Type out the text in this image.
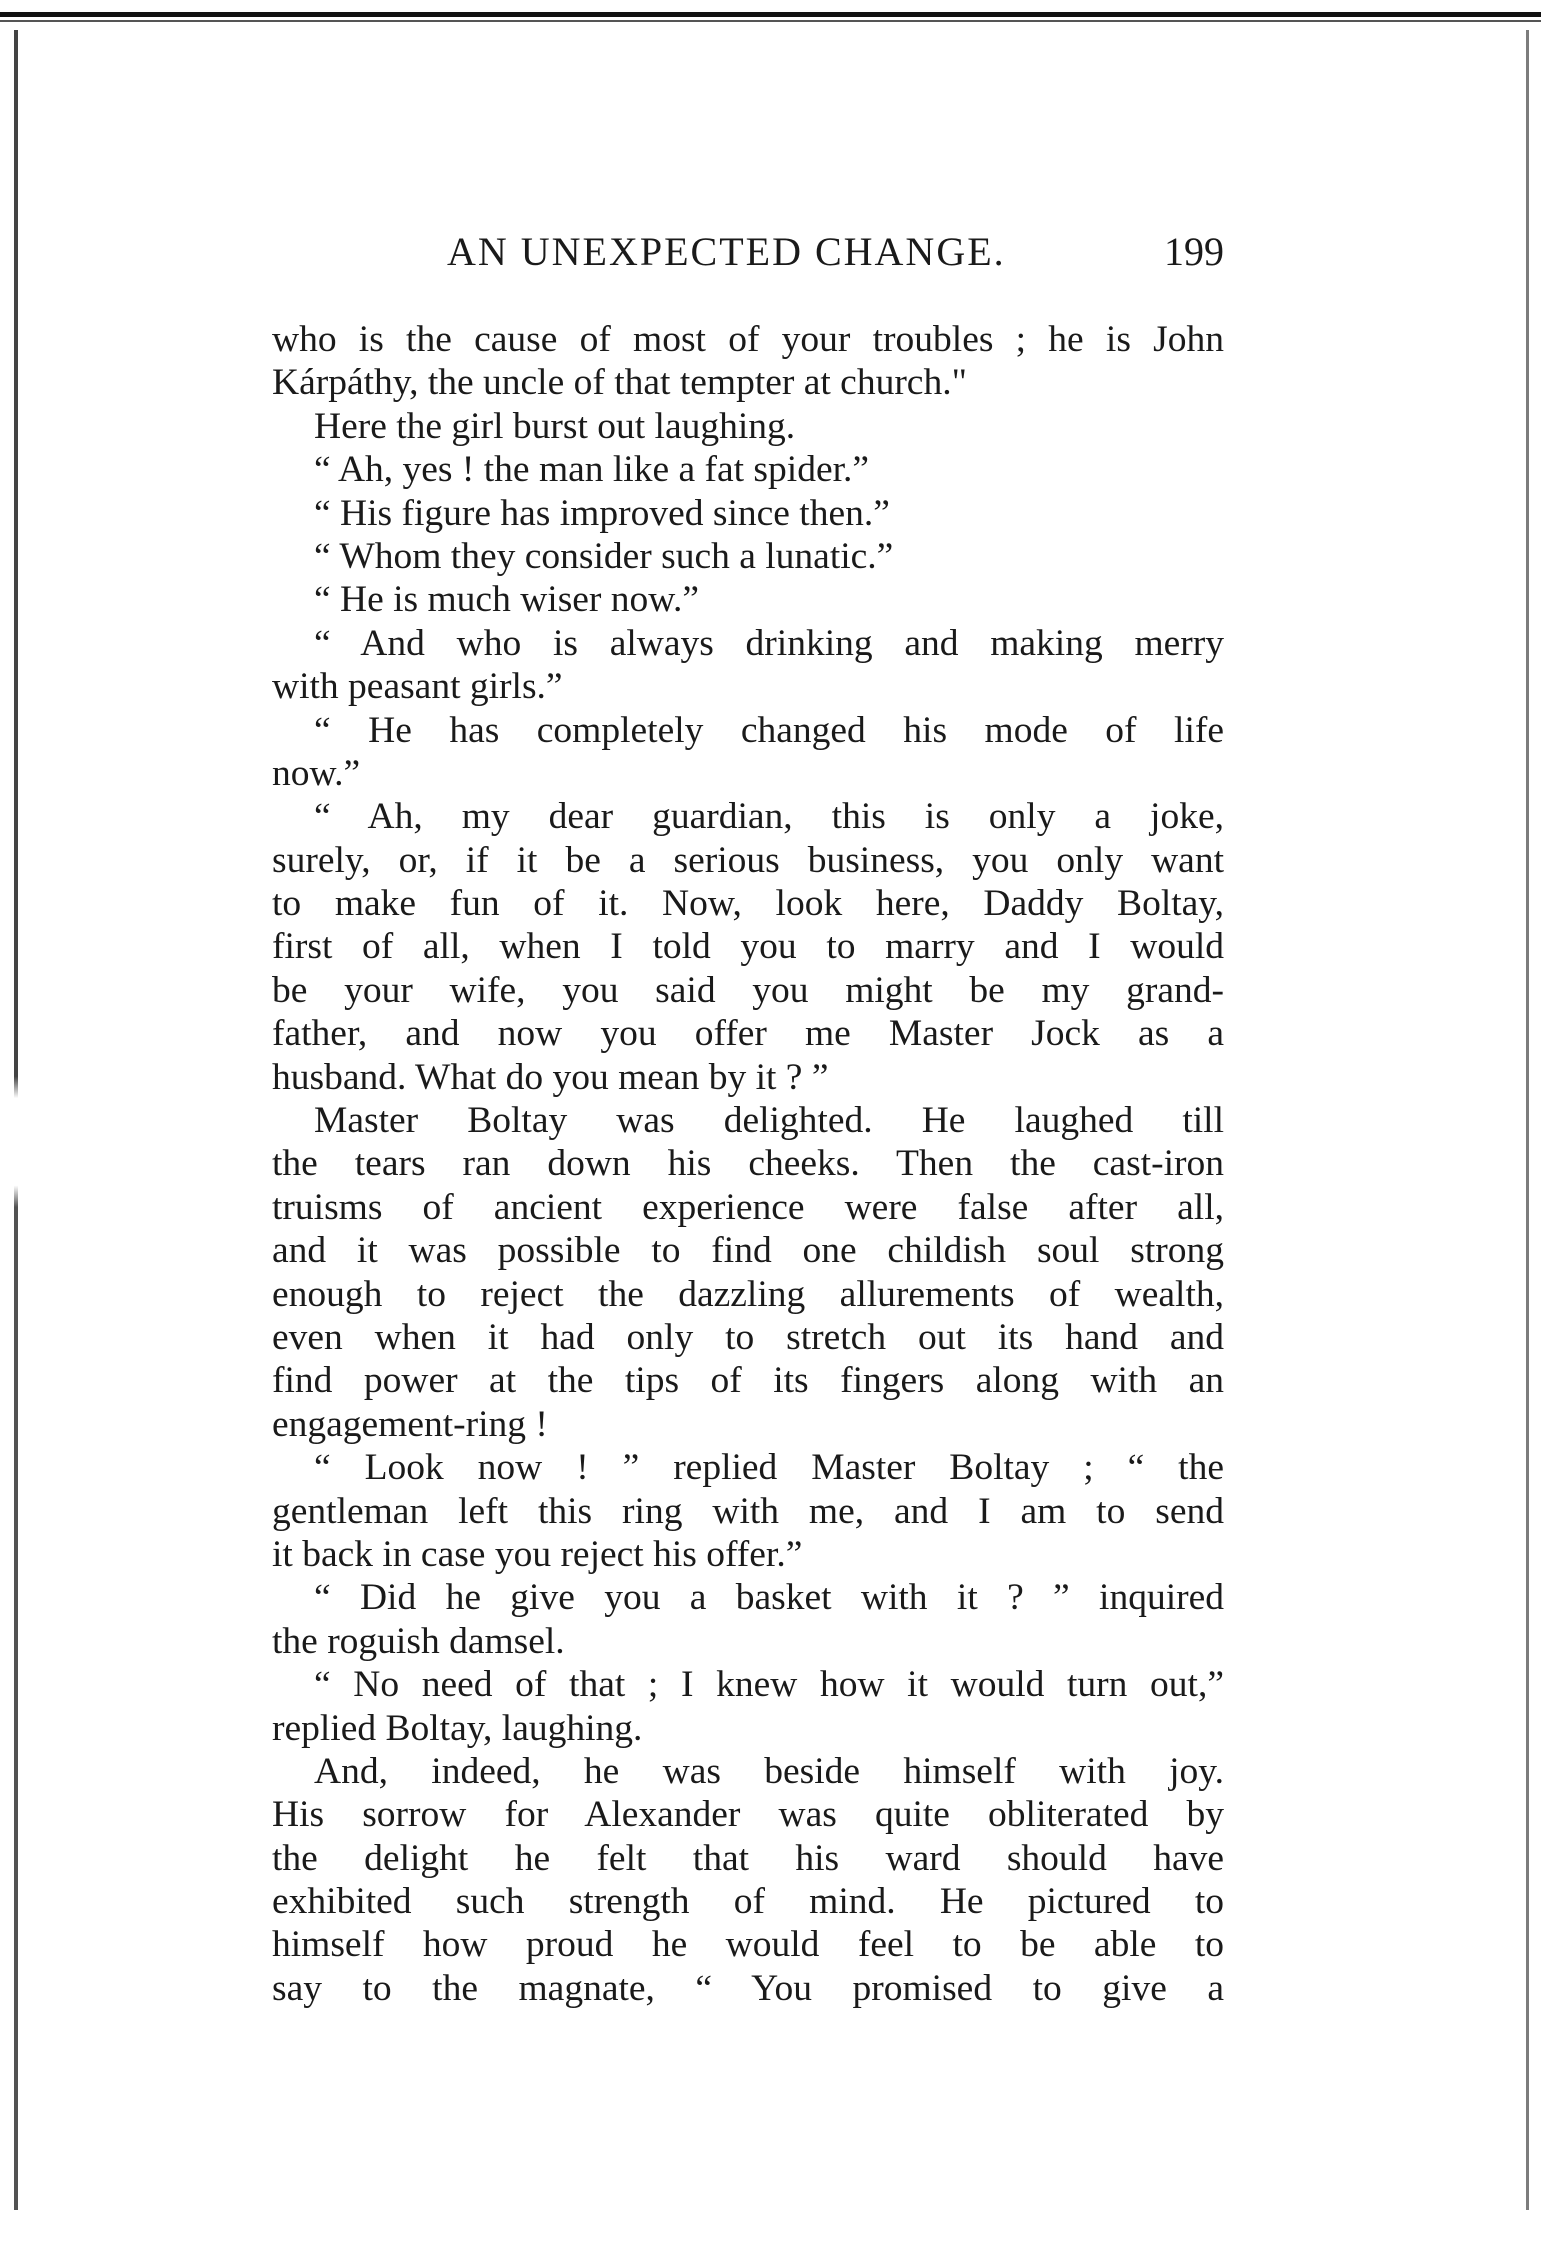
AN UNEXPECTED CHANGE.	199
who is the cause of most of your troubles ; he is John
Kárpáthy, the uncle of that tempter at church."
Here the girl burst out laughing.
“ Ah, yes ! the man like a fat spider.”
“ His figure has improved since then.”
“ Whom they consider such a lunatic.”
“ He is much wiser now.”
“ And who is always drinking and making merry
with peasant girls.”
“ He has completely changed his mode of life
now.”
“ Ah, my dear guardian, this is only a joke,
surely, or, if it be a serious business, you only want
to make fun of it. Now, look here, Daddy Boltay,
first of all, when I told you to marry and I would
be your wife, you said you might be my grand-
father, and now you offer me Master Jock as a
husband. What do you mean by it ? ”
Master Boltay was delighted. He laughed till
the tears ran down his cheeks. Then the cast-iron
truisms of ancient experience were false after all,
and it was possible to find one childish soul strong
enough to reject the dazzling allurements of wealth,
even when it had only to stretch out its hand and
find power at the tips of its fingers along with an
engagement-ring !
“ Look now ! ” replied Master Boltay ; “ the
gentleman left this ring with me, and I am to send
it back in case you reject his offer.”
“ Did he give you a basket with it ? ” inquired
the roguish damsel.
“ No need of that ; I knew how it would turn out,”
replied Boltay, laughing.
And, indeed, he was beside himself with joy.
His sorrow for Alexander was quite obliterated by
the delight he felt that his ward should have
exhibited such strength of mind. He pictured to
himself how proud he would feel to be able to
say to the magnate, “ You promised to give a
